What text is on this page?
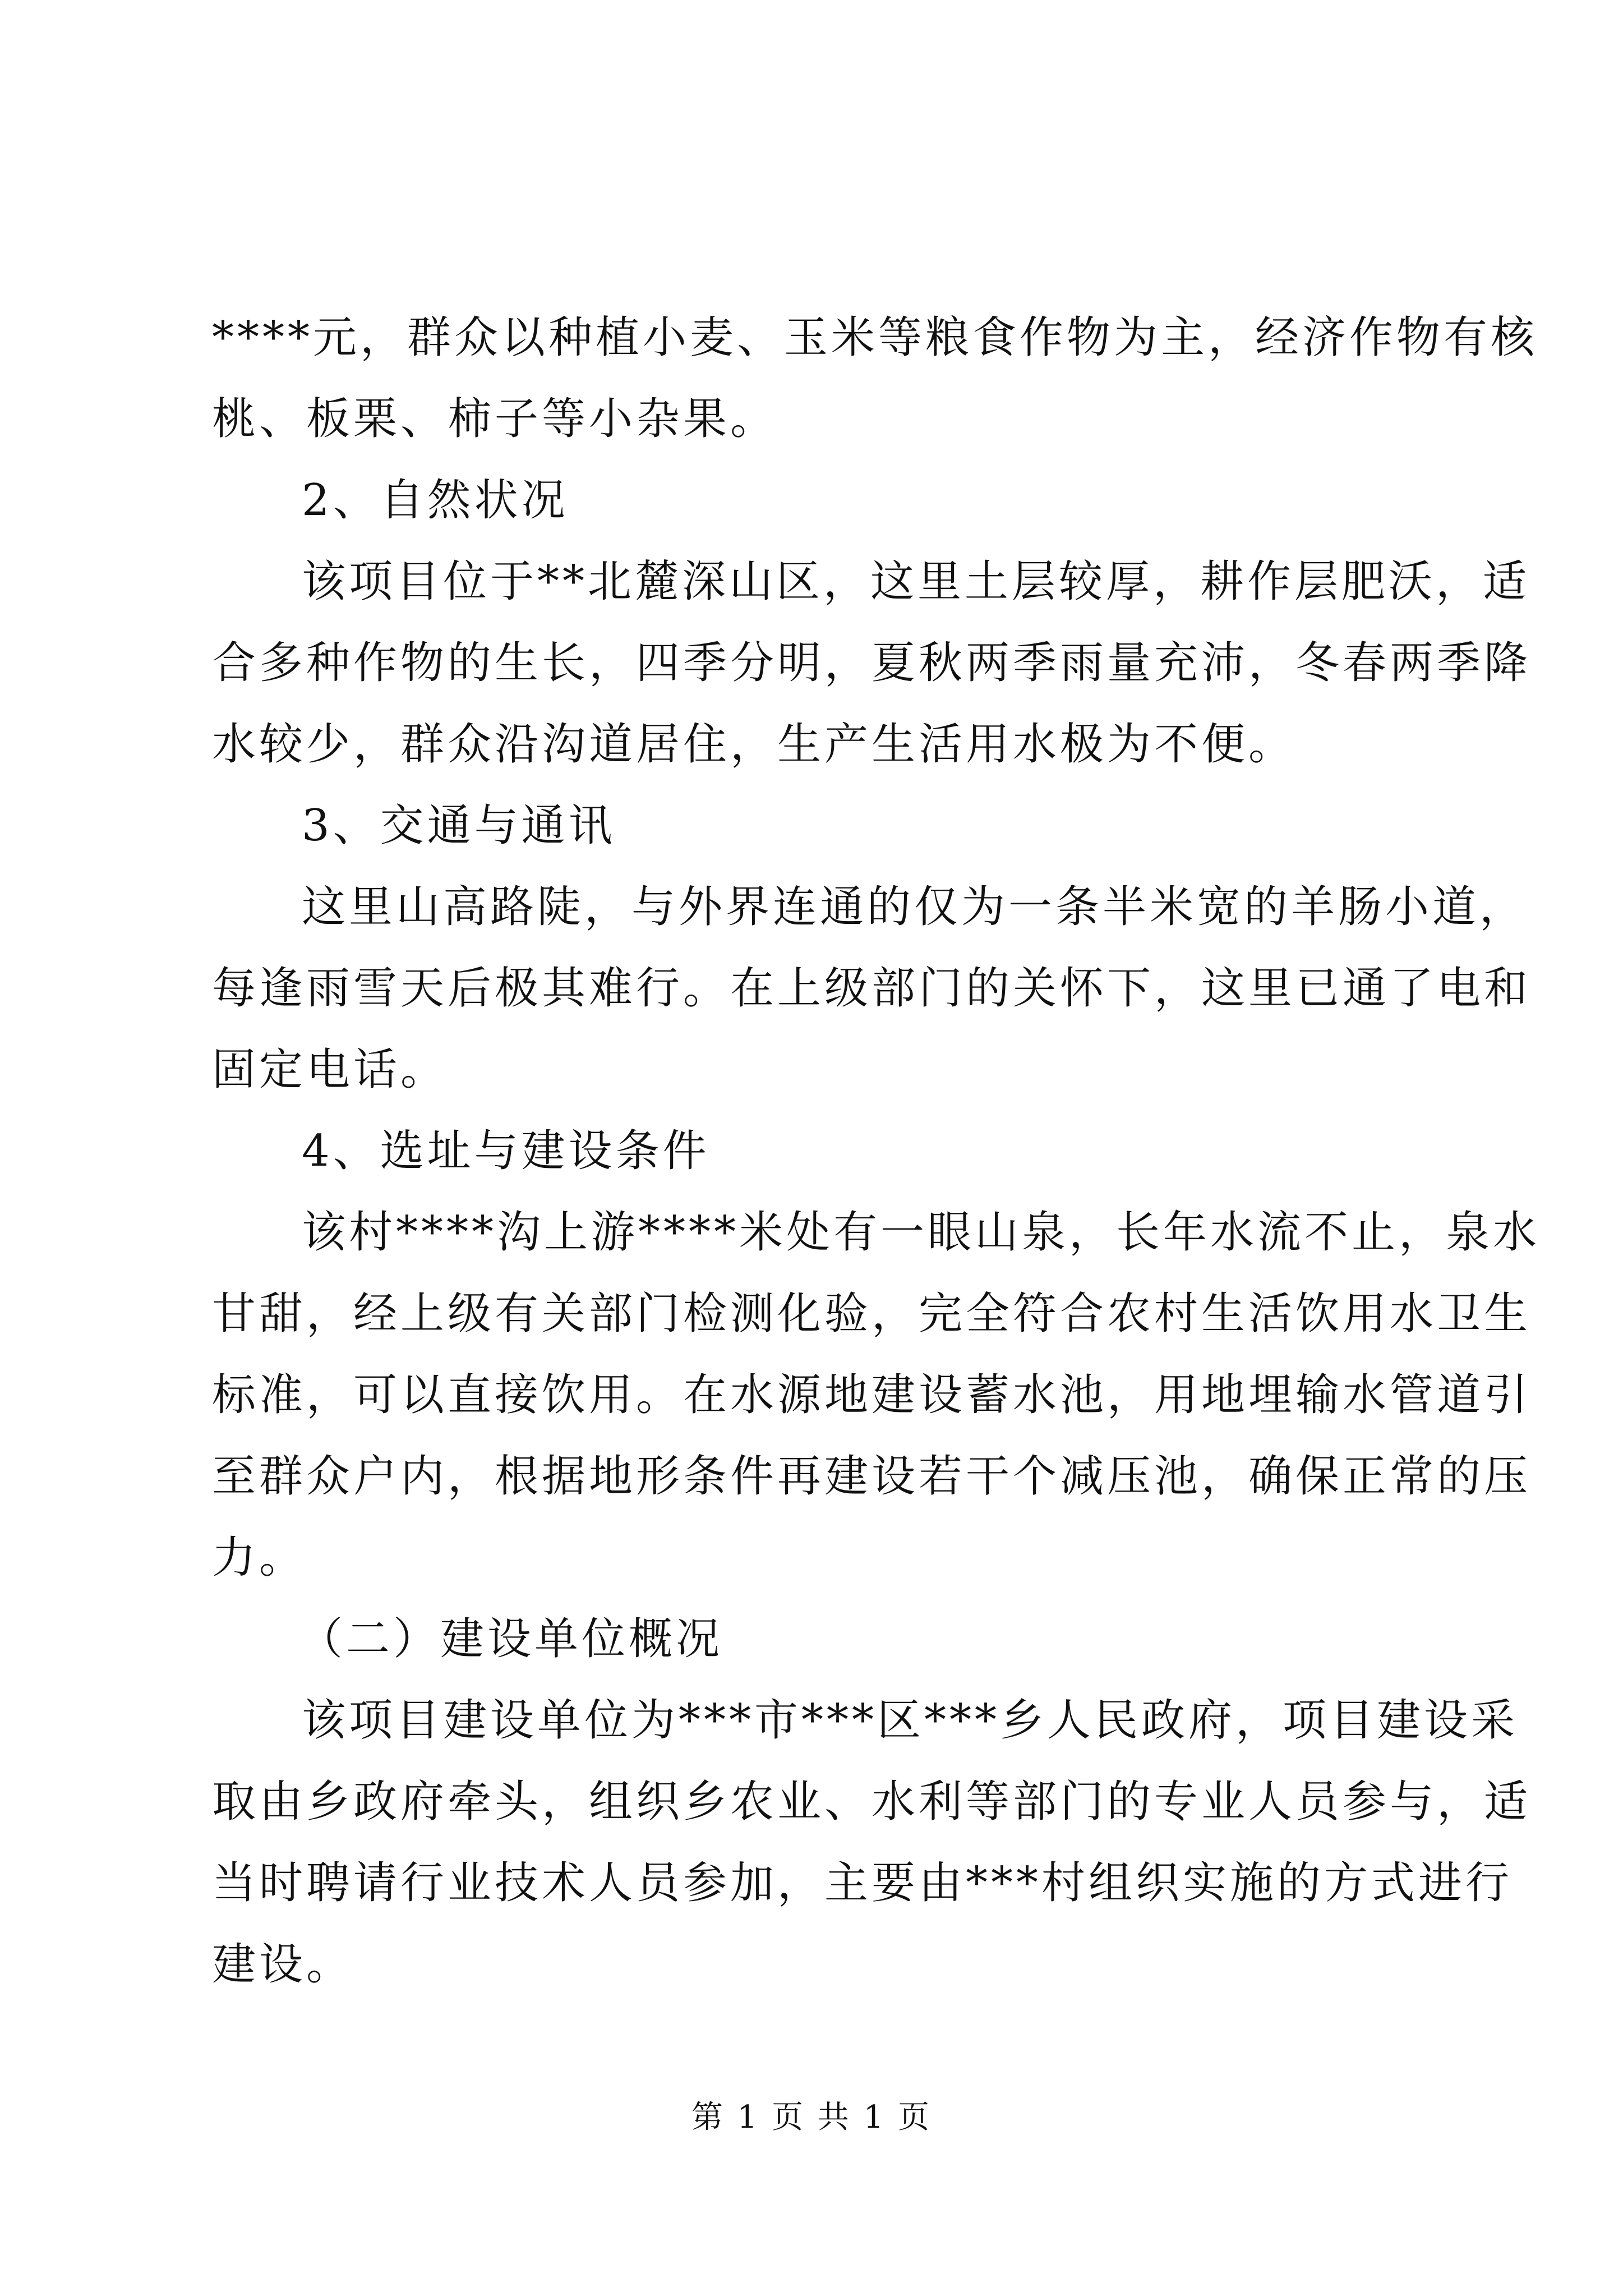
****元，群众以种植小麦、玉米等粮食作物为主，经济作物有核
桃、板栗、柿子等小杂果。
2、自然状况
该项目位于**北麓深山区，这里土层较厚，耕作层肥沃，适
合多种作物的生长，四季分明，夏秋两季雨量充沛，冬春两季降
水较少，群众沿沟道居住，生产生活用水极为不便。
3、交通与通讯
这里山高路陡，与外界连通的仅为一条半米宽的羊肠小道，
每逢雨雪天后极其难行。在上级部门的关怀下，这里已通了电和
固定电话。
4、选址与建设条件
该村****沟上游****米处有一眼山泉，长年水流不止，泉水
甘甜，经上级有关部门检测化验，完全符合农村生活饮用水卫生
标准，可以直接饮用。在水源地建设蓄水池，用地埋输水管道引
至群众户内，根据地形条件再建设若干个减压池，确保正常的压
力。
（二）建设单位概况
该项目建设单位为***市***区***乡人民政府，项目建设采
取由乡政府牵头，组织乡农业、水利等部门的专业人员参与，适
当时聘请行业技术人员参加，主要由***村组织实施的方式进行
建设。
第 1 页 共 1 页
